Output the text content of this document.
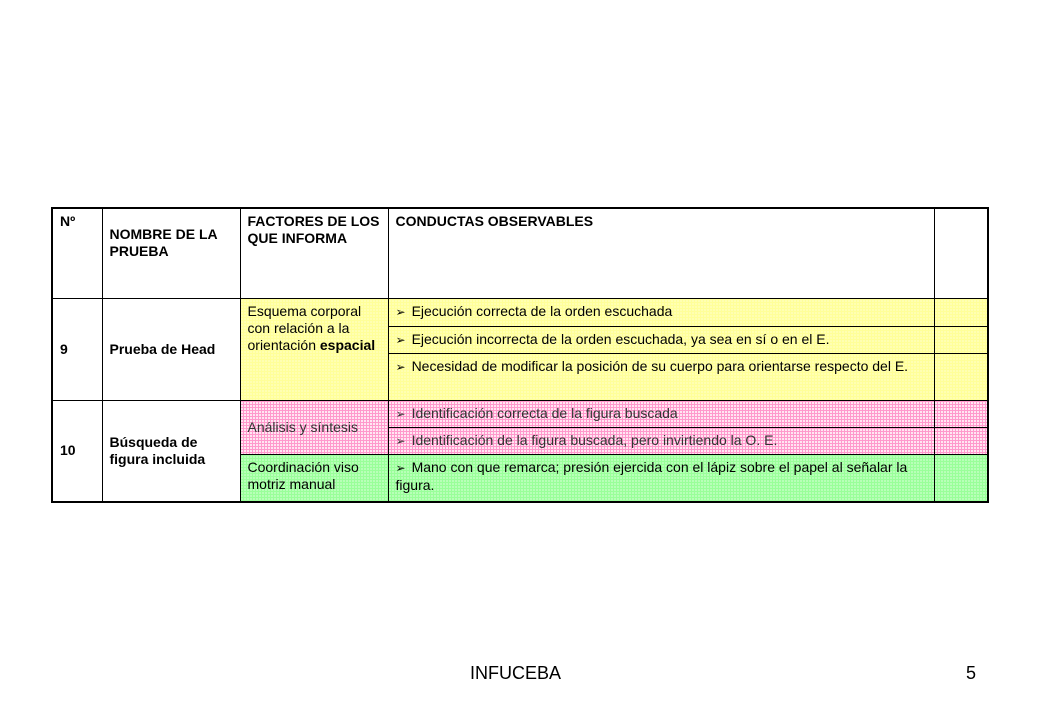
Nº	NOMBRE DE LA PRUEBA	FACTORES DE LOS QUE INFORMA	CONDUCTAS OBSERVABLES	
9	Prueba de Head	Esquema corporal con relación a la orientación espacial	➢ Ejecución correcta de la orden escuchada	
			➢ Ejecución incorrecta de la orden escuchada, ya sea en sí o en el E.	
			➢ Necesidad de modificar la posición de su cuerpo para orientarse respecto del E.	
10	Búsqueda de figura incluida	Análisis y síntesis	➢ Identificación correcta de la figura buscada	
			➢ Identificación de la figura buscada, pero invirtiendo la O. E.	
		Coordinación viso motriz manual	➢ Mano con que remarca; presión ejercida con el lápiz sobre el papel al señalar la figura.	
INFUCEBA	5
